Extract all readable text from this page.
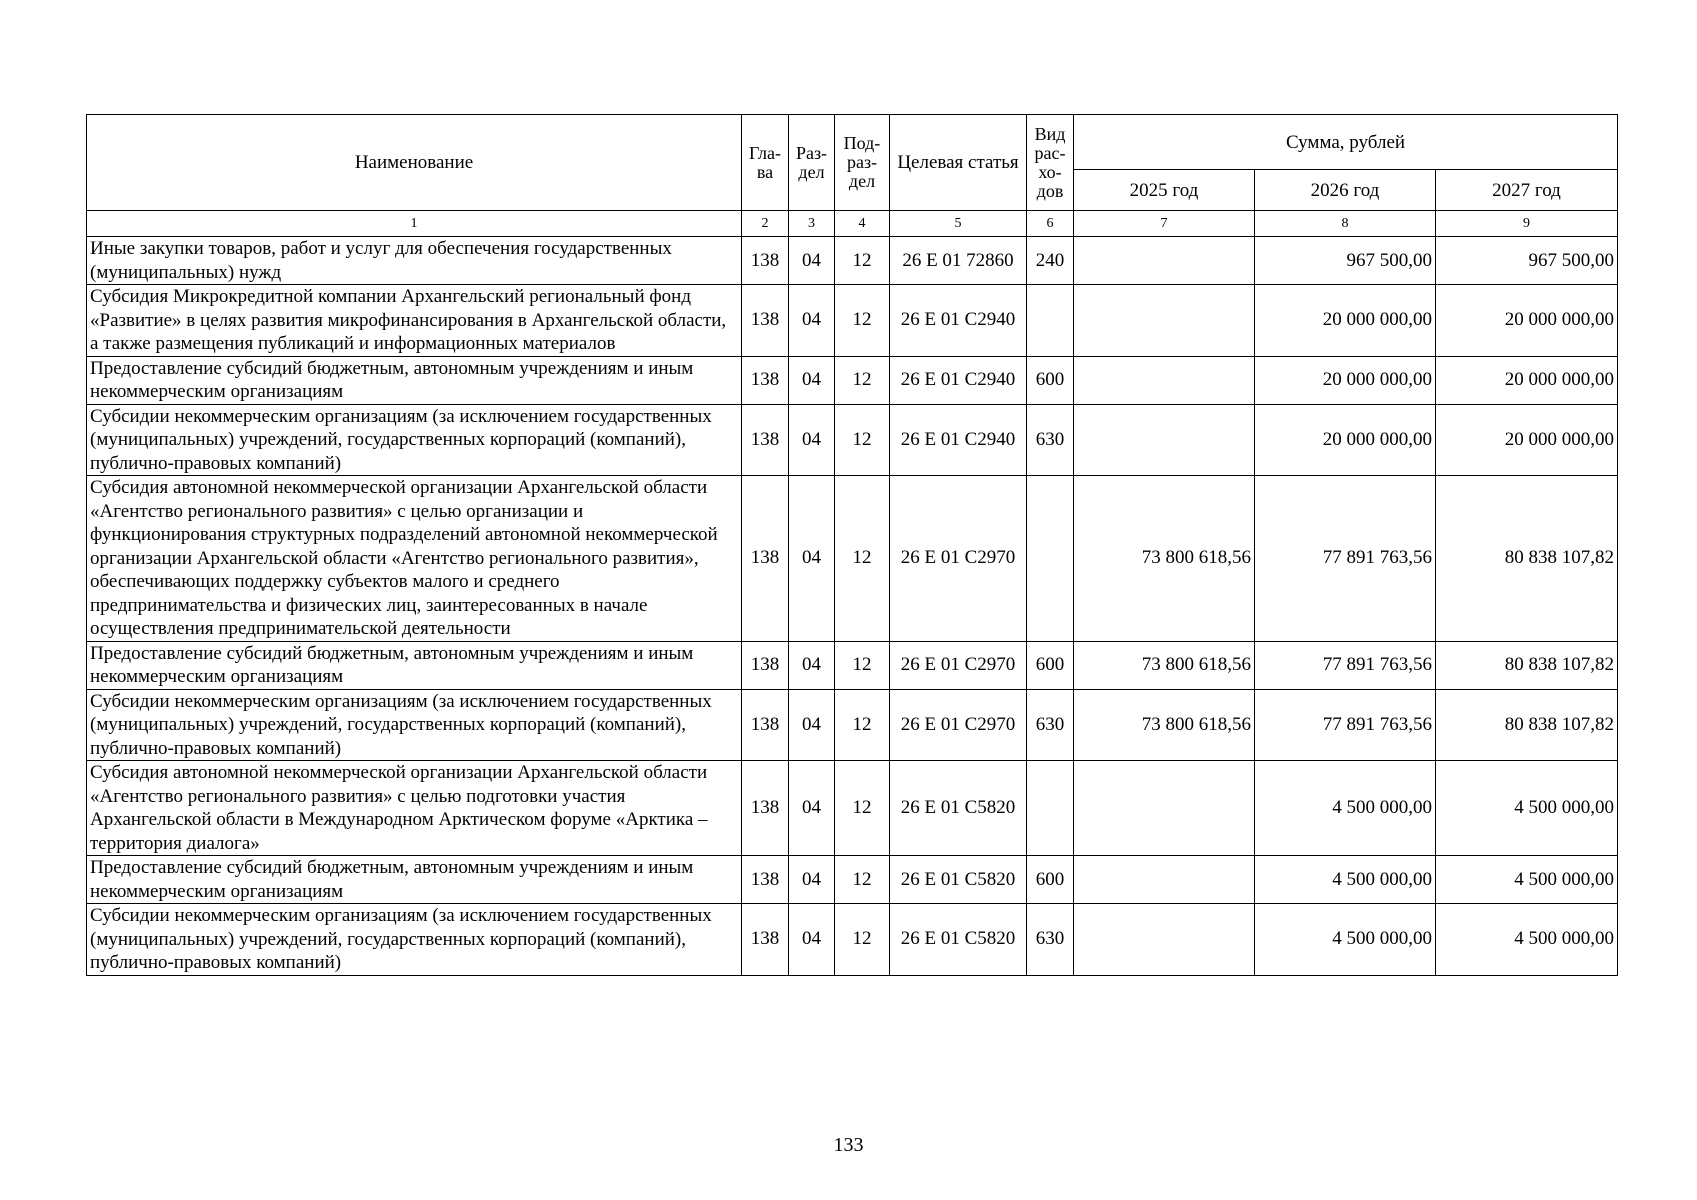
Наименование	Гла-ва	Раз-дел	Под-раз-дел	Целевая статья	Вид рас-хо-дов	Сумма, рублей		
						2025 год	2026 год	2027 год
1	2	3	4	5	6	7	8	9
Иные закупки товаров, работ и услуг для обеспечения государственных (муниципальных) нужд	138	04	12	26 Е 01 72860	240		967 500,00	967 500,00
Субсидия Микрокредитной компании Архангельский региональный фонд «Развитие» в целях развития микрофинансирования в Архангельской области, а также размещения публикаций и информационных материалов	138	04	12	26 Е 01 С2940			20 000 000,00	20 000 000,00
Предоставление субсидий бюджетным, автономным учреждениям и иным некоммерческим организациям	138	04	12	26 Е 01 С2940	600		20 000 000,00	20 000 000,00
Субсидии некоммерческим организациям (за исключением государственных (муниципальных) учреждений, государственных корпораций (компаний), публично-правовых компаний)	138	04	12	26 Е 01 С2940	630		20 000 000,00	20 000 000,00
Субсидия автономной некоммерческой организации Архангельской области «Агентство регионального развития» с целью организации и функционирования структурных подразделений автономной некоммерческой организации Архангельской области «Агентство регионального развития», обеспечивающих поддержку субъектов малого и среднего предпринимательства и физических лиц, заинтересованных в начале осуществления предпринимательской деятельности	138	04	12	26 Е 01 С2970		73 800 618,56	77 891 763,56	80 838 107,82
Предоставление субсидий бюджетным, автономным учреждениям и иным некоммерческим организациям	138	04	12	26 Е 01 С2970	600	73 800 618,56	77 891 763,56	80 838 107,82
Субсидии некоммерческим организациям (за исключением государственных (муниципальных) учреждений, государственных корпораций (компаний), публично-правовых компаний)	138	04	12	26 Е 01 С2970	630	73 800 618,56	77 891 763,56	80 838 107,82
Субсидия автономной некоммерческой организации Архангельской области «Агентство регионального развития» с целью подготовки участия Архангельской области в Международном Арктическом форуме «Арктика – территория диалога»	138	04	12	26 Е 01 С5820			4 500 000,00	4 500 000,00
Предоставление субсидий бюджетным, автономным учреждениям и иным некоммерческим организациям	138	04	12	26 Е 01 С5820	600		4 500 000,00	4 500 000,00
Субсидии некоммерческим организациям (за исключением государственных (муниципальных) учреждений, государственных корпораций (компаний), публично-правовых компаний)	138	04	12	26 Е 01 С5820	630		4 500 000,00	4 500 000,00
133
